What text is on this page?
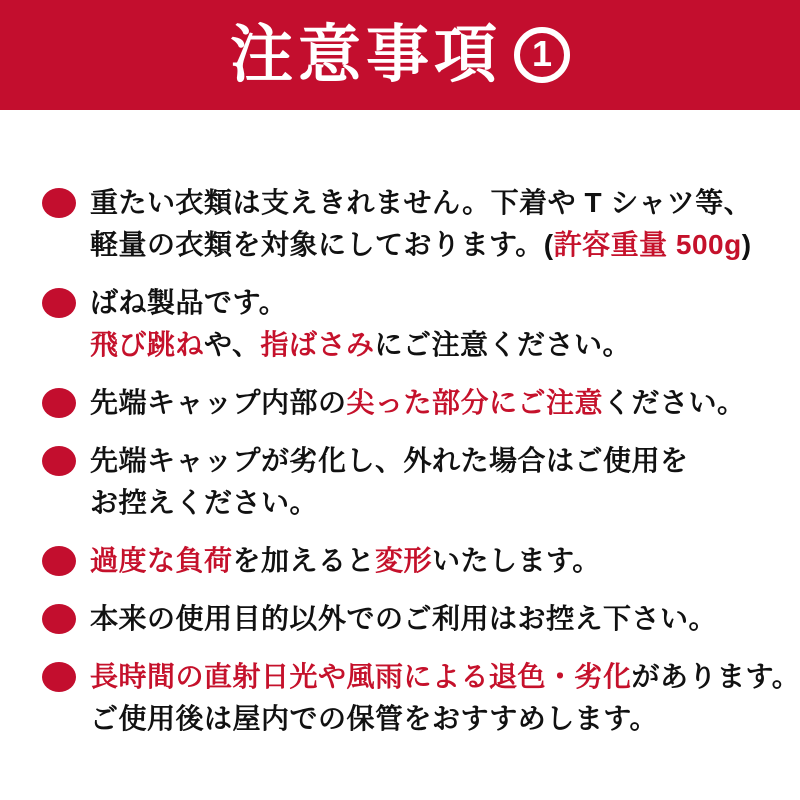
注意事項 1
重たい衣類は支えきれません。下着や T シャツ等、
軽量の衣類を対象にしております。(許容重量 500g)
ばね製品です。
飛び跳ねや、指ばさみにご注意ください。
先端キャップ内部の尖った部分にご注意ください。
先端キャップが劣化し、外れた場合はご使用を
お控えください。
過度な負荷を加えると変形いたします。
本来の使用目的以外でのご利用はお控え下さい。
長時間の直射日光や風雨による退色・劣化があります。
ご使用後は屋内での保管をおすすめします。
